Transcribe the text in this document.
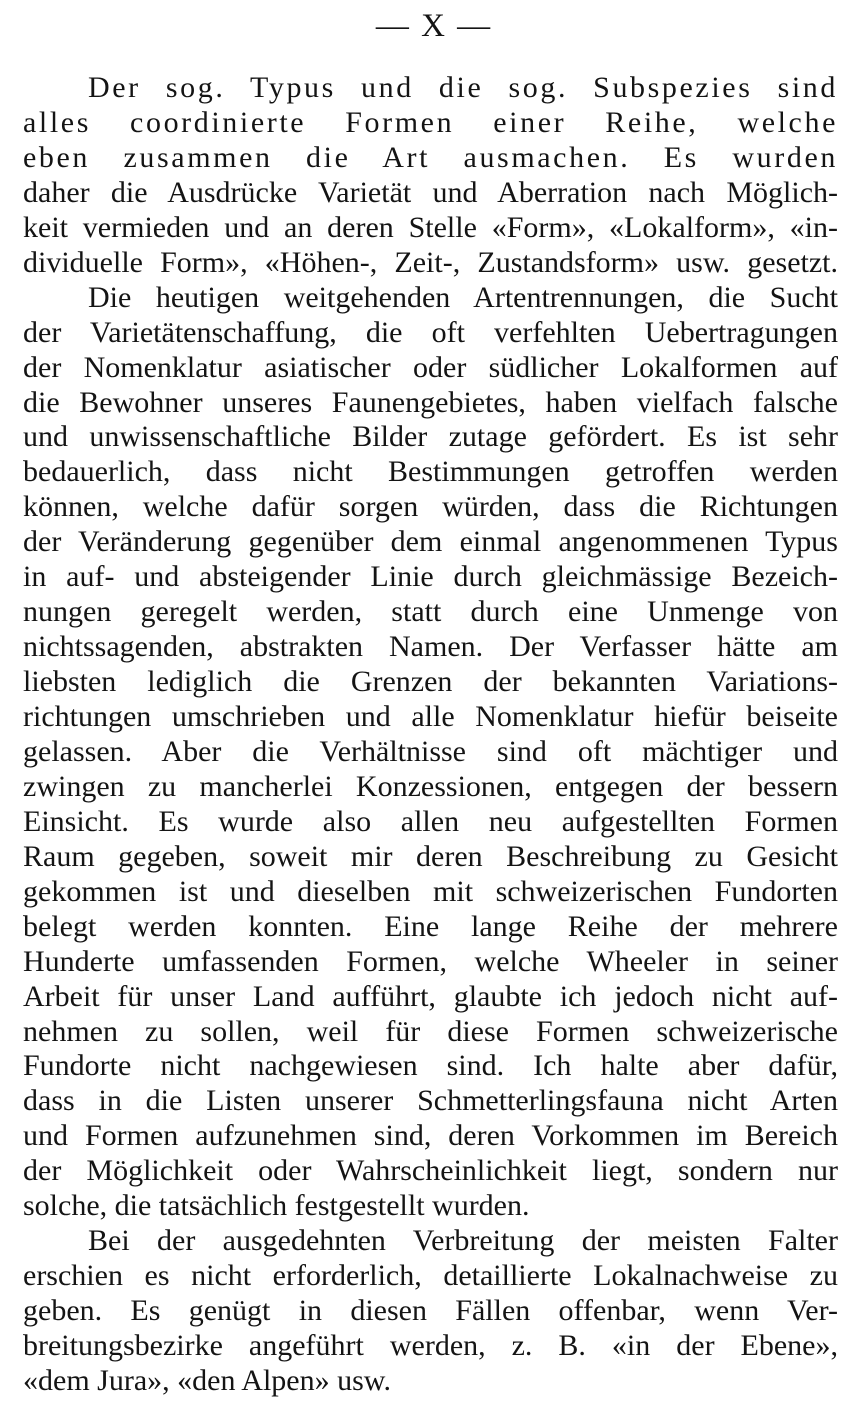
— X —
Der sog. Typus und die sog. Subspezies sind
alles coordinierte Formen einer Reihe, welche
eben zusammen die Art ausmachen. Es wurden
daher die Ausdrücke Varietät und Aberration nach Möglich-
keit vermieden und an deren Stelle «Form», «Lokalform», «in-
dividuelle Form», «Höhen-, Zeit-, Zustandsform» usw. gesetzt.
Die heutigen weitgehenden Artentrennungen, die Sucht
der Varietätenschaffung, die oft verfehlten Uebertragungen
der Nomenklatur asiatischer oder südlicher Lokalformen auf
die Bewohner unseres Faunengebietes, haben vielfach falsche
und unwissenschaftliche Bilder zutage gefördert. Es ist sehr
bedauerlich, dass nicht Bestimmungen getroffen werden
können, welche dafür sorgen würden, dass die Richtungen
der Veränderung gegenüber dem einmal angenommenen Typus
in auf- und absteigender Linie durch gleichmässige Bezeich-
nungen geregelt werden, statt durch eine Unmenge von
nichtssagenden, abstrakten Namen. Der Verfasser hätte am
liebsten lediglich die Grenzen der bekannten Variations-
richtungen umschrieben und alle Nomenklatur hiefür beiseite
gelassen. Aber die Verhältnisse sind oft mächtiger und
zwingen zu mancherlei Konzessionen, entgegen der bessern
Einsicht. Es wurde also allen neu aufgestellten Formen
Raum gegeben, soweit mir deren Beschreibung zu Gesicht
gekommen ist und dieselben mit schweizerischen Fundorten
belegt werden konnten. Eine lange Reihe der mehrere
Hunderte umfassenden Formen, welche Wheeler in seiner
Arbeit für unser Land aufführt, glaubte ich jedoch nicht auf-
nehmen zu sollen, weil für diese Formen schweizerische
Fundorte nicht nachgewiesen sind. Ich halte aber dafür,
dass in die Listen unserer Schmetterlingsfauna nicht Arten
und Formen aufzunehmen sind, deren Vorkommen im Bereich
der Möglichkeit oder Wahrscheinlichkeit liegt, sondern nur
solche, die tatsächlich festgestellt wurden.
Bei der ausgedehnten Verbreitung der meisten Falter
erschien es nicht erforderlich, detaillierte Lokalnachweise zu
geben. Es genügt in diesen Fällen offenbar, wenn Ver-
breitungsbezirke angeführt werden, z. B. «in der Ebene»,
«dem Jura», «den Alpen» usw.
